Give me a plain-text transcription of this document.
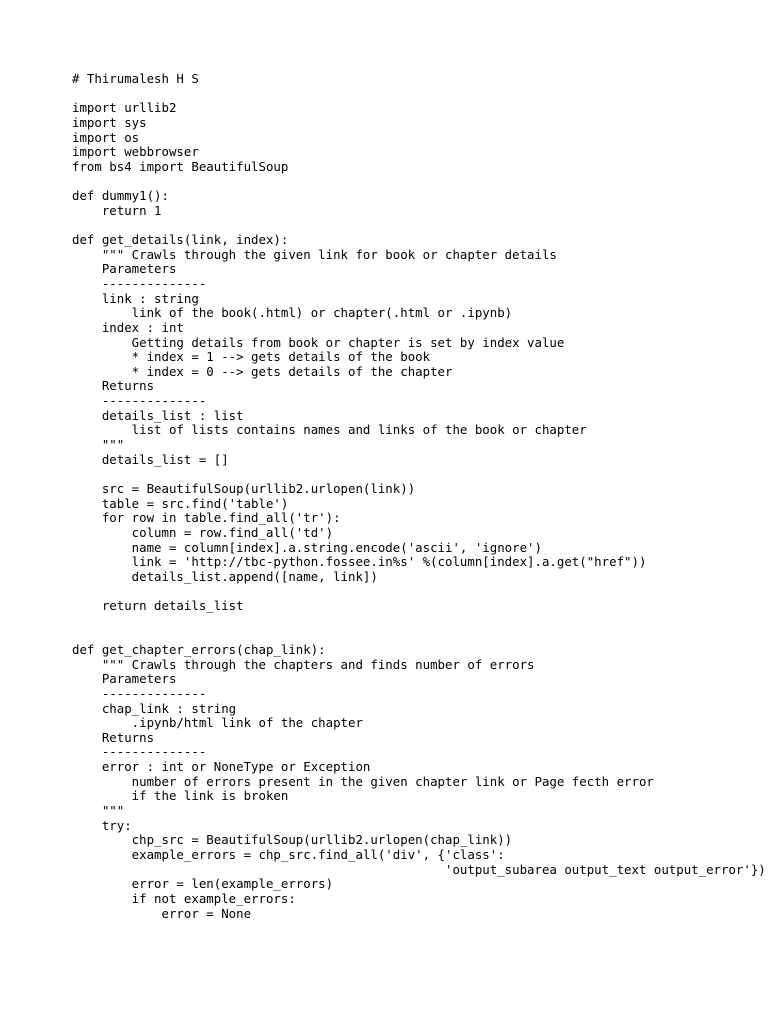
# Thirumalesh H S
import urllib2
import sys
import os
import webbrowser
from bs4 import BeautifulSoup
def dummy1():
return 1
def get_details(link, index):
""" Crawls through the given link for book or chapter details
Parameters
--------------
link : string
link of the book(.html) or chapter(.html or .ipynb)
index : int
Getting details from book or chapter is set by index value
* index = 1 --> gets details of the book
* index = 0 --> gets details of the chapter
Returns
--------------
details_list : list
list of lists contains names and links of the book or chapter
"""
details_list = []
src = BeautifulSoup(urllib2.urlopen(link))
table = src.find('table')
for row in table.find_all('tr'):
column = row.find_all('td')
name = column[index].a.string.encode('ascii', 'ignore')
link = 'http://tbc-python.fossee.in%s' %(column[index].a.get("href"))
details_list.append([name, link])
return details_list
def get_chapter_errors(chap_link):
""" Crawls through the chapters and finds number of errors
Parameters
--------------
chap_link : string
.ipynb/html link of the chapter
Returns
--------------
error : int or NoneType or Exception
number of errors present in the given chapter link or Page fecth error
if the link is broken
"""
try:
chp_src = BeautifulSoup(urllib2.urlopen(chap_link))
example_errors = chp_src.find_all('div', {'class':
'output_subarea output_text output_error'})
error = len(example_errors)
if not example_errors:
error = None
